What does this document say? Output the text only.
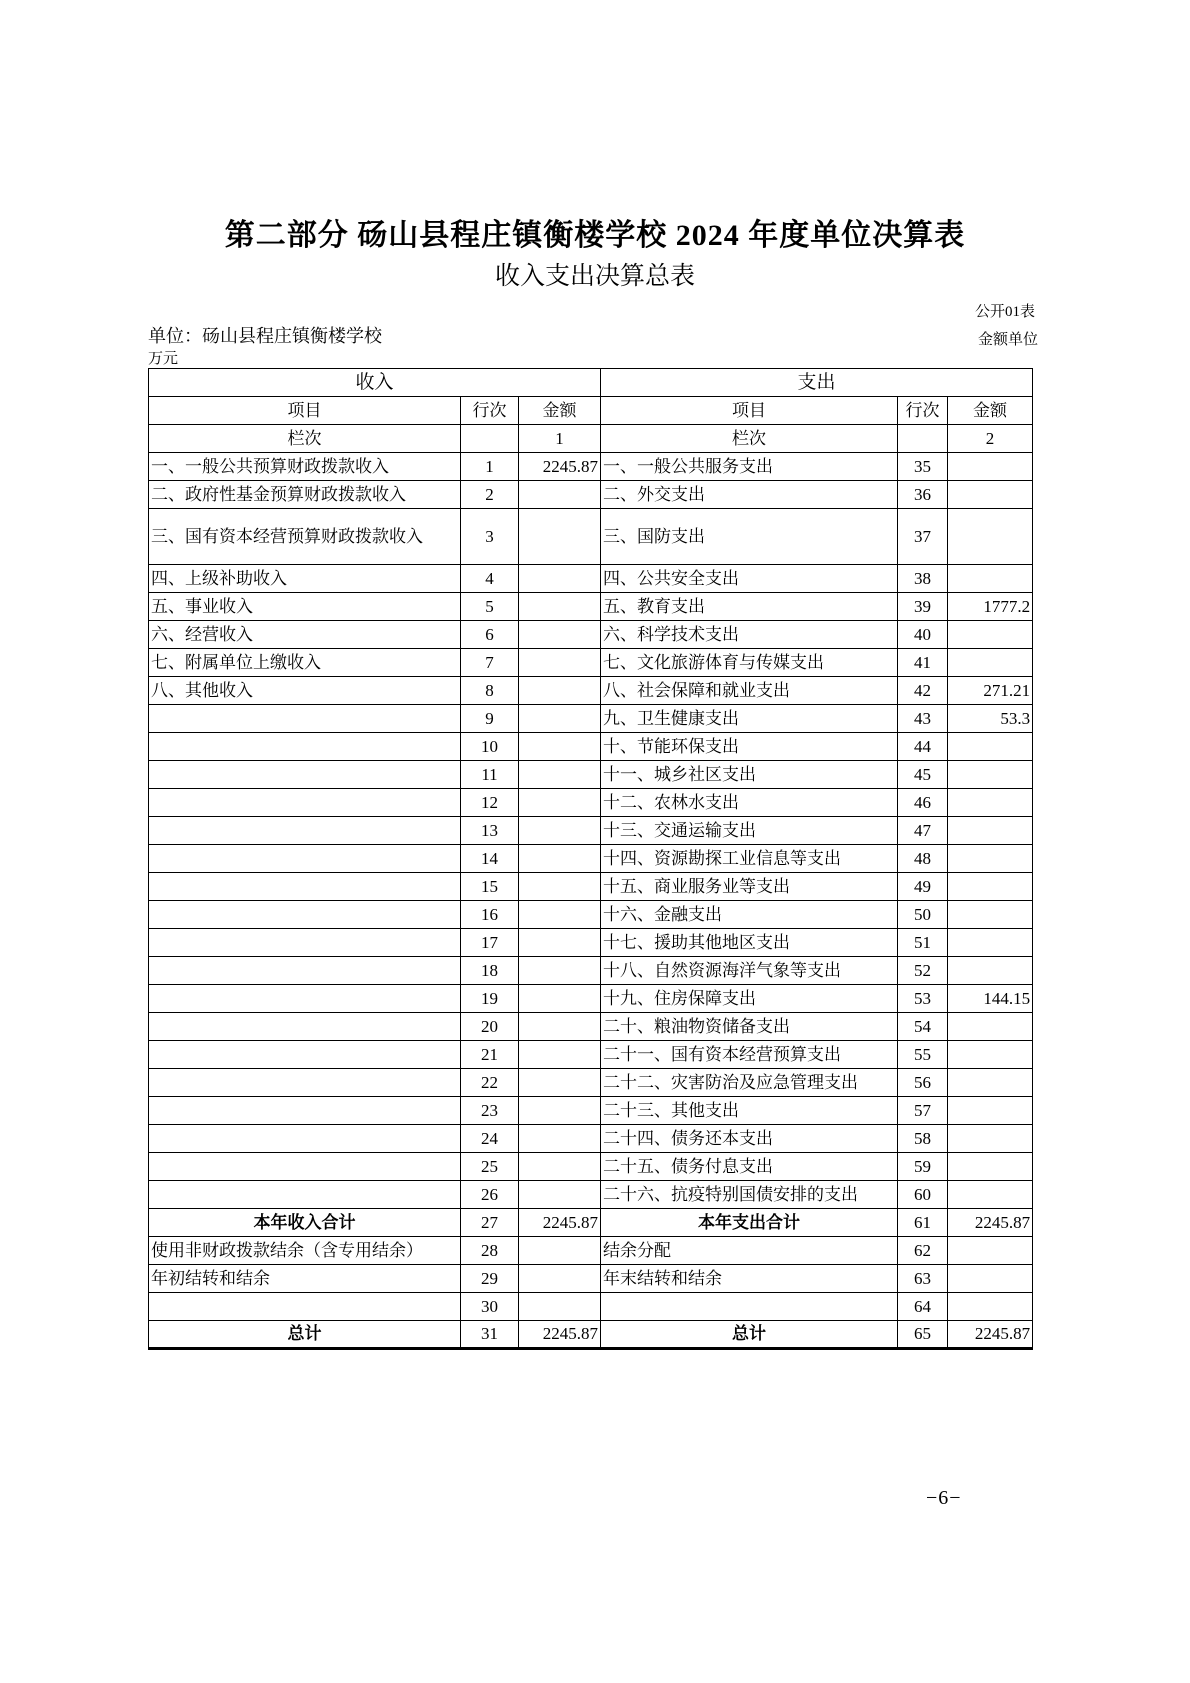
第二部分 砀山县程庄镇衡楼学校 2024 年度单位决算表
收入支出决算总表
公开01表
单位：砀山县程庄镇衡楼学校	金额单位
万元
收入			支出		
项目	行次	金额	项目	行次	金额
栏次		1	栏次		2
一、一般公共预算财政拨款收入	1	2245.87	一、一般公共服务支出	35	
二、政府性基金预算财政拨款收入	2		二、外交支出	36	
三、国有资本经营预算财政拨款收入	3		三、国防支出	37	
四、上级补助收入	4		四、公共安全支出	38	
五、事业收入	5		五、教育支出	39	1777.2
六、经营收入	6		六、科学技术支出	40	
七、附属单位上缴收入	7		七、文化旅游体育与传媒支出	41	
八、其他收入	8		八、社会保障和就业支出	42	271.21
	9		九、卫生健康支出	43	53.3
	10		十、节能环保支出	44	
	11		十一、城乡社区支出	45	
	12		十二、农林水支出	46	
	13		十三、交通运输支出	47	
	14		十四、资源勘探工业信息等支出	48	
	15		十五、商业服务业等支出	49	
	16		十六、金融支出	50	
	17		十七、援助其他地区支出	51	
	18		十八、自然资源海洋气象等支出	52	
	19		十九、住房保障支出	53	144.15
	20		二十、粮油物资储备支出	54	
	21		二十一、国有资本经营预算支出	55	
	22		二十二、灾害防治及应急管理支出	56	
	23		二十三、其他支出	57	
	24		二十四、债务还本支出	58	
	25		二十五、债务付息支出	59	
	26		二十六、抗疫特别国债安排的支出	60	
本年收入合计	27	2245.87	本年支出合计	61	2245.87
使用非财政拨款结余（含专用结余）	28		结余分配	62	
年初结转和结余	29		年末结转和结余	63	
	30			64	
总计	31	2245.87	总计	65	2245.87
−6−
